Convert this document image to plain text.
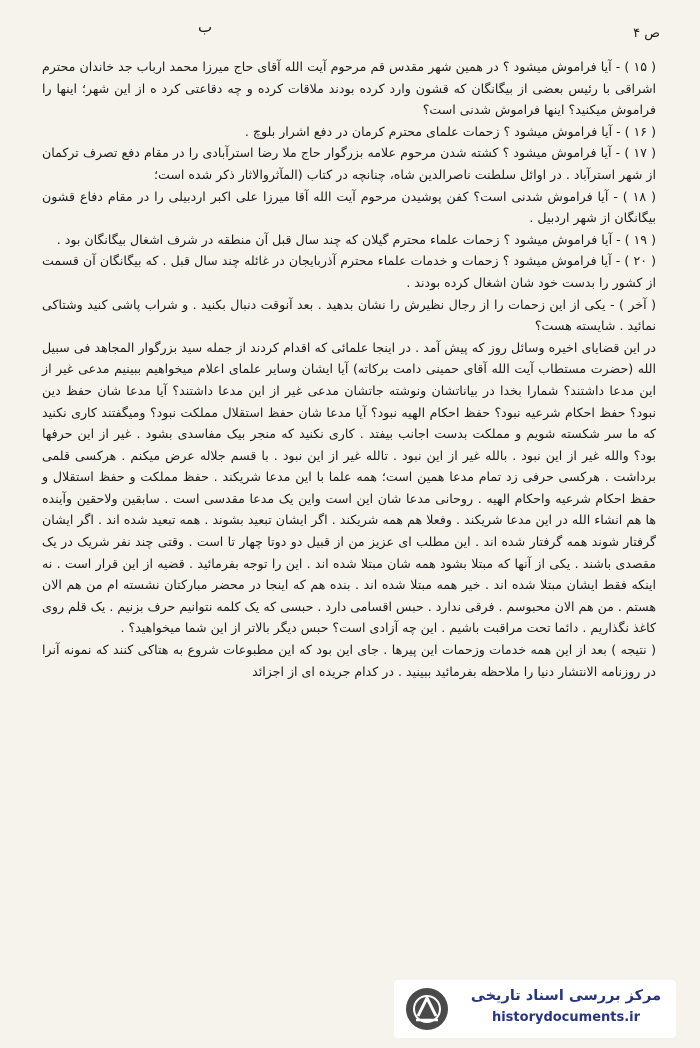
ب	ص ۴

( ۱۵ ) - آیا فراموش میشود ؟ در همین شهر مقدس قم مرحوم آیت الله آقای حاج میرزا محمد ارباب جد خاندان محترم اشراقی با رئیس بعضی از بیگانگان که قشون وارد کرده بودند ملاقات کرده و چه دقاعتی کرد ه از این شهر؛ اینها را فراموش میکنید؟ اینها فراموش شدنی است؟

( ۱۶ ) - آیا فراموش میشود ؟ زحمات علمای محترم کرمان در دفع اشرار بلوچ .

( ۱۷ ) - آیا فراموش میشود ؟ کشته شدن مرحوم علامه بزرگوار حاج ملا رضا استرآبادی را در مقام دفع تصرف ترکمان از شهر استرآباد . در اوائل سلطنت ناصرالدین شاه، چنانچه در کتاب (المآثروالاثار ذکر شده است؛

( ۱۸ ) - آیا فراموش شدنی است؟ کفن پوشیدن مرحوم آیت الله آقا میرزا علی اکبر اردبیلی را در مقام دفاع قشون بیگانگان از شهر اردبیل .

( ۱۹ ) - آیا فراموش میشود ؟ زحمات علماء محترم گیلان که چند سال قبل آن منطقه در شرف اشغال بیگانگان بود .

( ۲۰ ) - آیا فراموش میشود ؟ زحمات و خدمات علماء محترم آذربایجان در غائله چند سال قبل . که بیگانگان آن قسمت از کشور را بدست خود شان اشغال کرده بودند .

( آخر ) - یکی از این زحمات را از رجال نظیرش را نشان بدهید . بعد آنوقت دنبال بکنید . و شراب پاشی کنید وشتاکی نمائید . شایسته هست؟

در این قضایای اخیره وسائل روز که پیش آمد . در اینجا علمائی که اقدام کردند از جمله سید بزرگوار المجاهد فی سبیل الله (حضرت مستطاب آیت الله آقای حمینی دامت برکاته) آیا ایشان وسایر علمای اعلام میخواهیم ببینیم مدعی غیر از این مدعا داشتند؟ شمارا بخدا در بیاناتشان ونوشته جاتشان مدعی غیر از این مدعا داشتند؟ آیا مدعا شان حفظ دین نبود؟ حفظ احکام شرعیه نبود؟ حفظ احکام الهیه نبود؟ آیا مدعا شان حفظ استقلال مملکت نبود؟ ومیگفتند کاری نکنید که ما سر شکسته شویم و مملکت بدست اجانب بیفتد . کاری نکنید که منجر بیک مفاسدی بشود . غیر از این حرفها بود؟ والله غیر از این نبود . بالله غیر از این نبود . تالله غیر از این نبود . با قسم جلاله عرض میکنم . هرکسی قلمی برداشت . هرکسی حرفی زد تمام مدعا همین است؛ همه علما با این مدعا شریکند . حفظ مملکت و حفظ استقلال و حفظ احکام شرعیه واحکام الهیه . روحانی مدعا شان این است واین یک مدعا مقدسی است . سابقین ولاحقین وآینده ها هم انشاء الله در این مدعا شریکند . وفعلا هم همه شریکند . اگر ایشان تبعید بشوند . همه تبعید شده اند . اگر ایشان گرفتار شوند همه گرفتار شده اند . این مطلب ای عزیز من از قبیل دو دوتا چهار تا است . وقتی چند نفر شریک در یک مقصدی باشند . یکی از آنها که مبتلا بشود همه شان مبتلا شده اند . این را توجه بفرمائید . قضیه از این قرار است . نه اینکه فقط ایشان مبتلا شده اند . خیر همه مبتلا شده اند . بنده هم که اینجا در محضر مبارکتان نشسته ام من هم الان هستم . من هم الان محبوسم . فرقی ندارد . حبس اقسامی دارد . حبسی که یک کلمه نتوانیم حرف بزنیم . یک قلم روی کاغذ نگذاریم . دائما تحت مراقبت باشیم . این چه آزادی است؟ حبس دیگر بالاتر از این شما میخواهید؟ .

( نتیجه ) بعد از این همه خدمات وزحمات این پیرها . جای این بود که این مطبوعات شروع به هتاکی کنند که نمونه آنرا در روزنامه الانتشار دنیا را ملاحظه بفرمائید ببینید . در کدام جریده ای از اجزائد

مرکز بررسی اسناد تاریخی
historydocuments.ir
